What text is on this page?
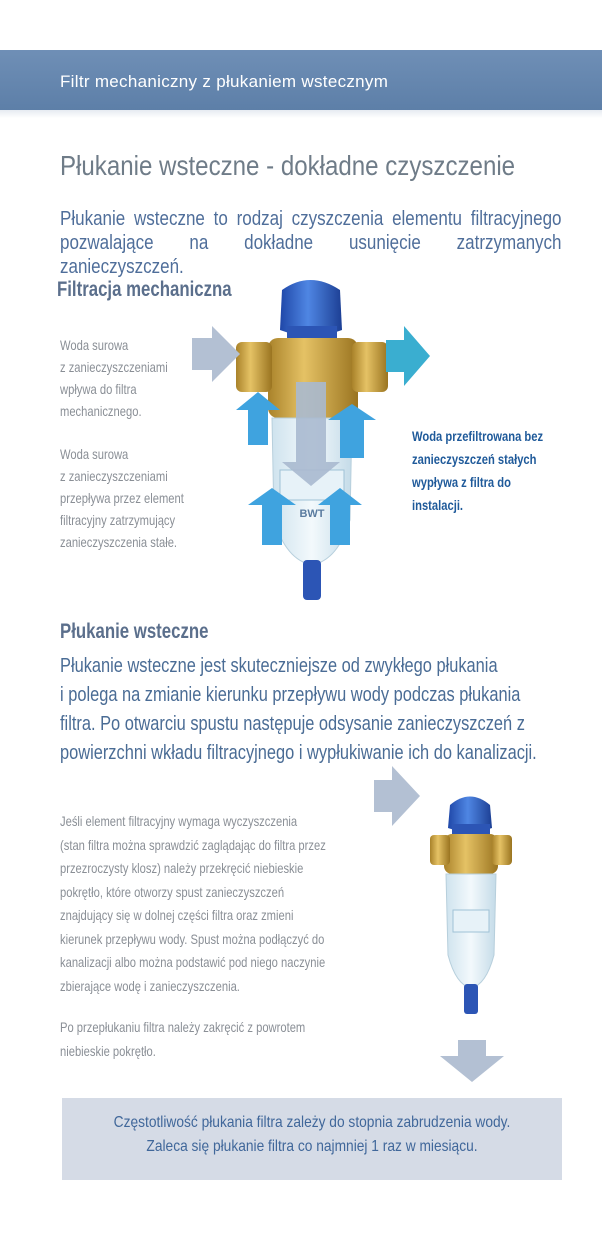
Filtr mechaniczny z płukaniem wstecznym
Płukanie wsteczne - dokładne czyszczenie
Płukanie wsteczne to rodzaj czyszczenia elementu filtracyjnego pozwalające na dokładne usunięcie zatrzymanych zanieczyszczeń.
Filtracja mechaniczna
Woda surowa
z zanieczyszczeniami
wpływa do filtra
mechanicznego.
Woda surowa
z zanieczyszczeniami
przepływa przez element
filtracyjny zatrzymujący
zanieczyszczenia stałe.
Woda przefiltrowana bez
zanieczyszczeń stałych
wypływa z filtra do
instalacji.
BWT
Płukanie wsteczne
Płukanie wsteczne jest skuteczniejsze od zwykłego płukania
i polega na zmianie kierunku przepływu wody podczas płukania
filtra. Po otwarciu spustu następuje odsysanie zanieczyszczeń z
powierzchni wkładu filtracyjnego i wypłukiwanie ich do kanalizacji.
Jeśli element filtracyjny wymaga wyczyszczenia
(stan filtra można sprawdzić zaglądając do filtra przez
przezroczysty klosz) należy przekręcić niebieskie
pokrętło, które otworzy spust zanieczyszczeń
znajdujący się w dolnej części filtra oraz zmieni
kierunek przepływu wody. Spust można podłączyć do
kanalizacji albo można podstawić pod niego naczynie
zbierające wodę i zanieczyszczenia.
Po przepłukaniu filtra należy zakręcić z powrotem
niebieskie pokrętło.
Częstotliwość płukania filtra zależy do stopnia zabrudzenia wody.
Zaleca się płukanie filtra co najmniej 1 raz w miesiącu.
